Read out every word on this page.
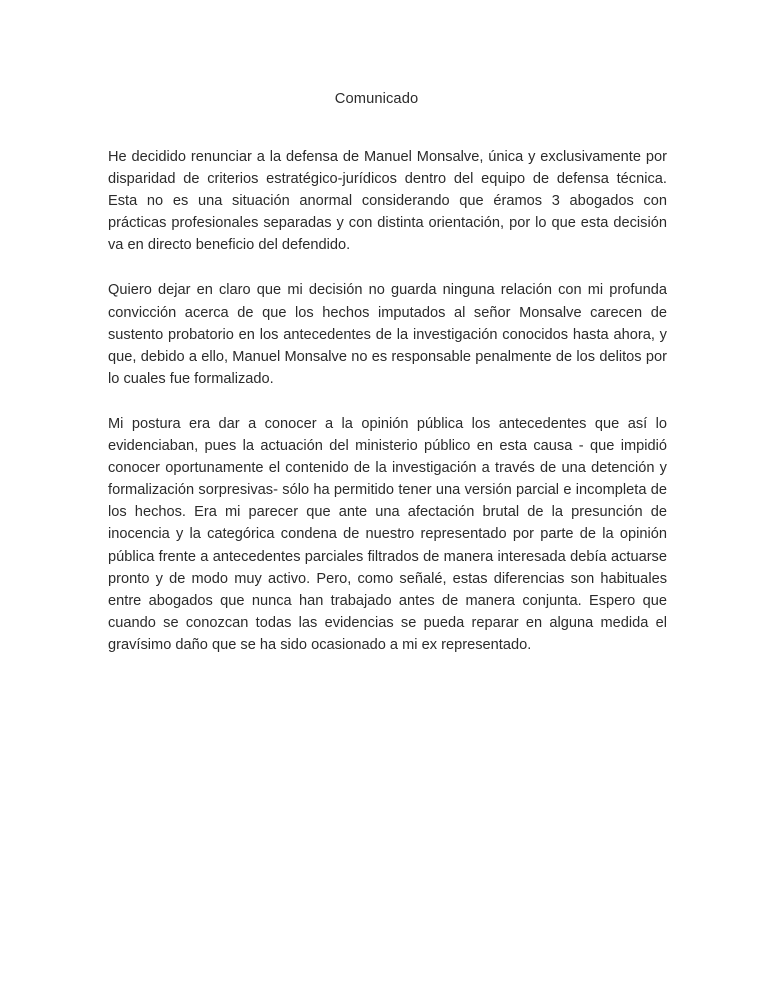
Comunicado

He decidido renunciar a la defensa de Manuel Monsalve, única y exclusivamente por disparidad de criterios estratégico-jurídicos dentro del equipo de defensa técnica.
Esta no es una situación anormal considerando que éramos 3 abogados con prácticas profesionales separadas y con distinta orientación, por lo que esta decisión va en directo beneficio del defendido.

Quiero dejar en claro que mi decisión no guarda ninguna relación con mi profunda convicción acerca de que los hechos imputados al señor Monsalve carecen de sustento probatorio en los antecedentes de la investigación conocidos hasta ahora, y que, debido a ello, Manuel Monsalve no es responsable penalmente de los delitos por lo cuales fue formalizado.

Mi postura era dar a conocer a la opinión pública los antecedentes que así lo evidenciaban, pues la actuación del ministerio público en esta causa - que impidió conocer oportunamente el contenido de la investigación a través de una detención y formalización sorpresivas- sólo ha permitido tener una versión parcial e incompleta de los hechos. Era mi parecer que ante una afectación brutal de la presunción de inocencia y la categórica condena de nuestro representado por parte de la opinión pública frente a antecedentes parciales filtrados de manera interesada debía actuarse pronto y de modo muy activo. Pero, como señalé, estas diferencias son habituales entre abogados que nunca han trabajado antes de manera conjunta. Espero que cuando se conozcan todas las evidencias se pueda reparar en alguna medida el gravísimo daño que se ha sido ocasionado a mi ex representado.
